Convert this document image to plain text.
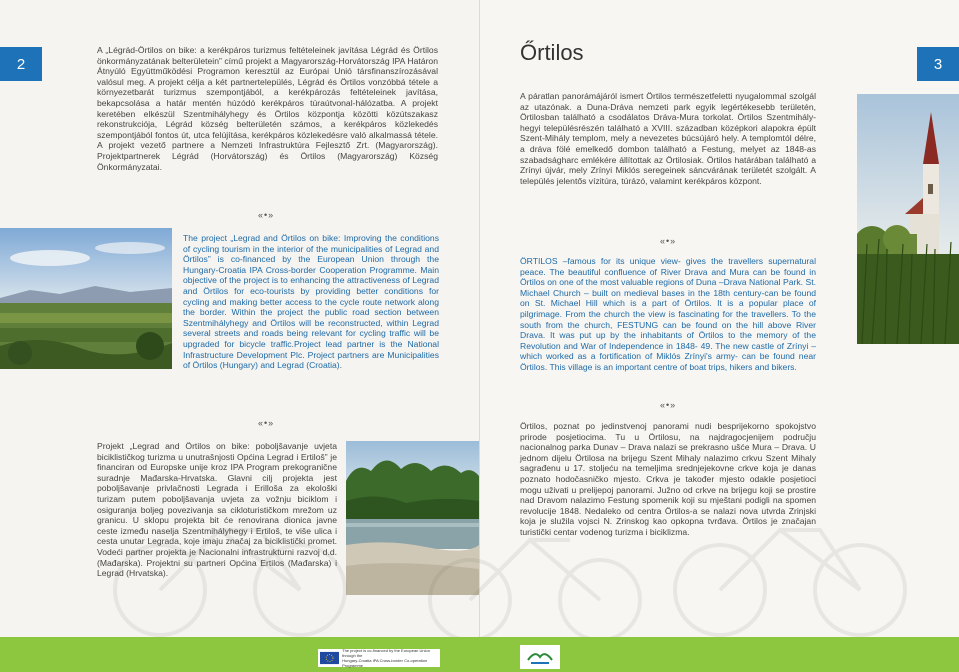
2

A „Légrád-Örtilos on bike: a kerékpáros turizmus feltételeinek javítása Légrád és Örtilos önkormányzatának belterületein” című projekt a Magyarország-Horvátország IPA Határon Átnyúló Együttműködési Programon keresztül az Európai Unió társfinanszírozásával valósul meg. A projekt célja a két partnertelepülés, Légrád és Örtilos vonzóbbá tétele a környezetbarát turizmus szempontjából, a kerékpározás feltételeinek javítása, bekapcsolása a határ mentén húzódó kerékpáros túraútvonal-hálózatba. A projekt keretében elkészül Szentmihályhegy és Örtilos központja közötti közútszakasz rekonstrukciója, Légrád község belterületén számos, a kerékpáros közlekedés szempontjából fontos út, utca felújítása, kerékpáros közlekedésre való alkalmassá tétele. A projekt vezető partnere a Nemzeti Infrastruktúra Fejlesztő Zrt. (Magyarország). Projektpartnerek Légrád (Horvátország) és Örtilos (Magyarország) Község Önkormányzatai.

«•»

The project „Legrad and Örtilos on bike: Improving the conditions of cycling tourism in the interior of the municipalities of Legrad and Örtilos” is co-financed by the European Union through the Hungary-Croatia IPA Cross-border Cooperation Programme. Main objective of the project is to enhancing the attractiveness of Legrad and Örtilos for eco-tourists by providing better conditions for cycling and making better access to the cycle route network along the border. Within the project the public road section between Szentmihályhegy and Örtilos will be reconstructed, within Legrad several streets and roads being relevant for cycling traffic will be upgraded for bicycle traffic.Project lead partner is the National Infrastructure Development Plc. Project partners are Municipalities of Örtilos (Hungary) and Legrad (Croatia).

«•»

Projekt „Legrad and Örtilos on bike: poboljšavanje uvjeta biciklističkog turizma u unutrašnjosti Općina Legrad i Ertiloš” je financiran od Europske unije kroz IPA Program prekogranične suradnje Mađarska-Hrvatska. Glavni cilj projekta jest poboljšavanje privlačnosti Legrada i Erilloša za ekološki turizam putem poboljšavanja uvjeta za vožnju biciklom i osiguranja boljeg povezivanja sa cikloturističkom mrežom uz granicu. U sklopu projekta bit će renovirana dionica javne ceste između naselja Szentmihályhegy i Ertiloš, te više ulica i cesta unutar Legrada, koje imaju značaj za biciklistički promet. Vodeći partner projekta je Nacionalni infrastrukturni razvoj d.d. (Mađarska). Projektni su partneri Općina Ertilos (Mađarska) i Legrad (Hrvatska).

3
Őrtilos

A páratlan panorámájáról ismert Örtilos természetfeletti nyugalommal szolgál az utazónak. a Duna-Dráva nemzeti park egyik legértékesebb területén, Örtilosban található a csodálatos Dráva-Mura torkolat. Örtilos Szentmihály-hegyi településrészén található a XVIII. században középkori alapokra épült Szent-Mihály templom, mely a nevezetes búcsújáró hely. A templomtól délre, a dráva fölé emelkedő dombon található a Festung, melyet az 1848-as szabadságharc emlékére állítottak az Örtilosiak. Örtilos határában található a Zrínyi újvár, mely Zrínyi Miklós seregeinek sáncvárának területét szolgált. A település jelentős vízitúra, túrázó, valamint kerékpáros központ.

«•»

ÖRTILOS –famous for its unique view- gives the travellers supernatural peace. The beautiful confluence of River Drava and Mura can be found in Örtilos on one of the most valuable regions of Duna –Drava National Park. St. Michael Church – built on medieval bases in the 18th century-can be found on St. Michael Hill which is a part of Örtilos. It is a popular place of pilgrimage. From the church the view is fascinating for the travellers. To the south from the church, FESTUNG can be found on the hill above River Drava. It was put up by the inhabitants of Örtilos to the memory of the Revolution and War of Independence in 1848- 49. The new castle of Zrínyi – which worked as a fortification of Miklós Zrínyi's army- can be found near Örtilos. This village is an important centre of boat trips, hikers and bikers.

«•»

Örtilos, poznat po jedinstvenoj panorami nudi besprijekorno spokojstvo prirode posjetiocima. Tu u Örtilosu, na najdragocjenijem području nacionalnog parka Dunav – Drava nalazi se prekrasno ušće Mura – Drava. U jednom dijelu Örtilosa na brijegu Szent Mihaly nalazimo crkvu Szent Mihaly sagrađenu u 17. stoljeću na temeljima srednjejekovne crkve koja je danas poznato hodočasničko mjesto. Crkva je također mjesto odakle posjetioci mogu uživati u prelijepoj panorami. Južno od crkve na brijegu koji se prostire nad Dravom nalazimo Festung spomenik koji su mještani podigli na spomen revolucije 1848. Nedaleko od centra Örtilos-a se nalazi nova utvrda Zrinjski koja je služila vojsci N. Zrinskog kao opkopna tvrđava. Örtilos je značajan turistički centar vodenog turizma i biciklizma.

The project is co-financed by the European Union through the
Hungary-Croatia IPA Cross-border Co-operation Programme
